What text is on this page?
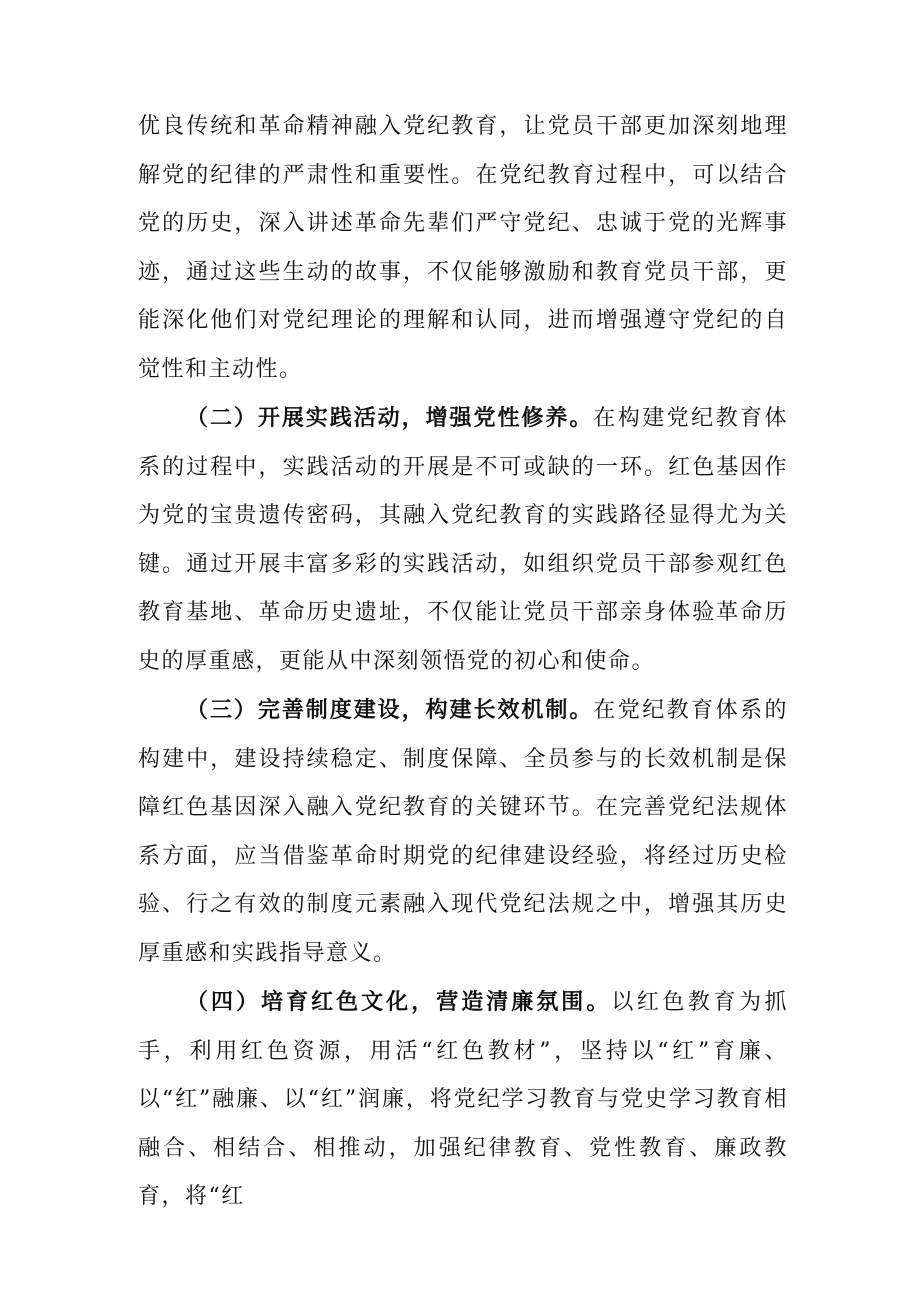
优良传统和革命精神融入党纪教育，让党员干部更加深刻地理解党的纪律的严肃性和重要性。在党纪教育过程中，可以结合党的历史，深入讲述革命先辈们严守党纪、忠诚于党的光辉事迹，通过这些生动的故事，不仅能够激励和教育党员干部，更能深化他们对党纪理论的理解和认同，进而增强遵守党纪的自觉性和主动性。

（二）开展实践活动，增强党性修养。在构建党纪教育体系的过程中，实践活动的开展是不可或缺的一环。红色基因作为党的宝贵遗传密码，其融入党纪教育的实践路径显得尤为关键。通过开展丰富多彩的实践活动，如组织党员干部参观红色教育基地、革命历史遗址，不仅能让党员干部亲身体验革命历史的厚重感，更能从中深刻领悟党的初心和使命。

（三）完善制度建设，构建长效机制。在党纪教育体系的构建中，建设持续稳定、制度保障、全员参与的长效机制是保障红色基因深入融入党纪教育的关键环节。在完善党纪法规体系方面，应当借鉴革命时期党的纪律建设经验，将经过历史检验、行之有效的制度元素融入现代党纪法规之中，增强其历史厚重感和实践指导意义。

（四）培育红色文化，营造清廉氛围。以红色教育为抓手，利用红色资源，用活“红色教材”，坚持以“红”育廉、以“红”融廉、以“红”润廉，将党纪学习教育与党史学习教育相融合、相结合、相推动，加强纪律教育、党性教育、廉政教育，将“红
